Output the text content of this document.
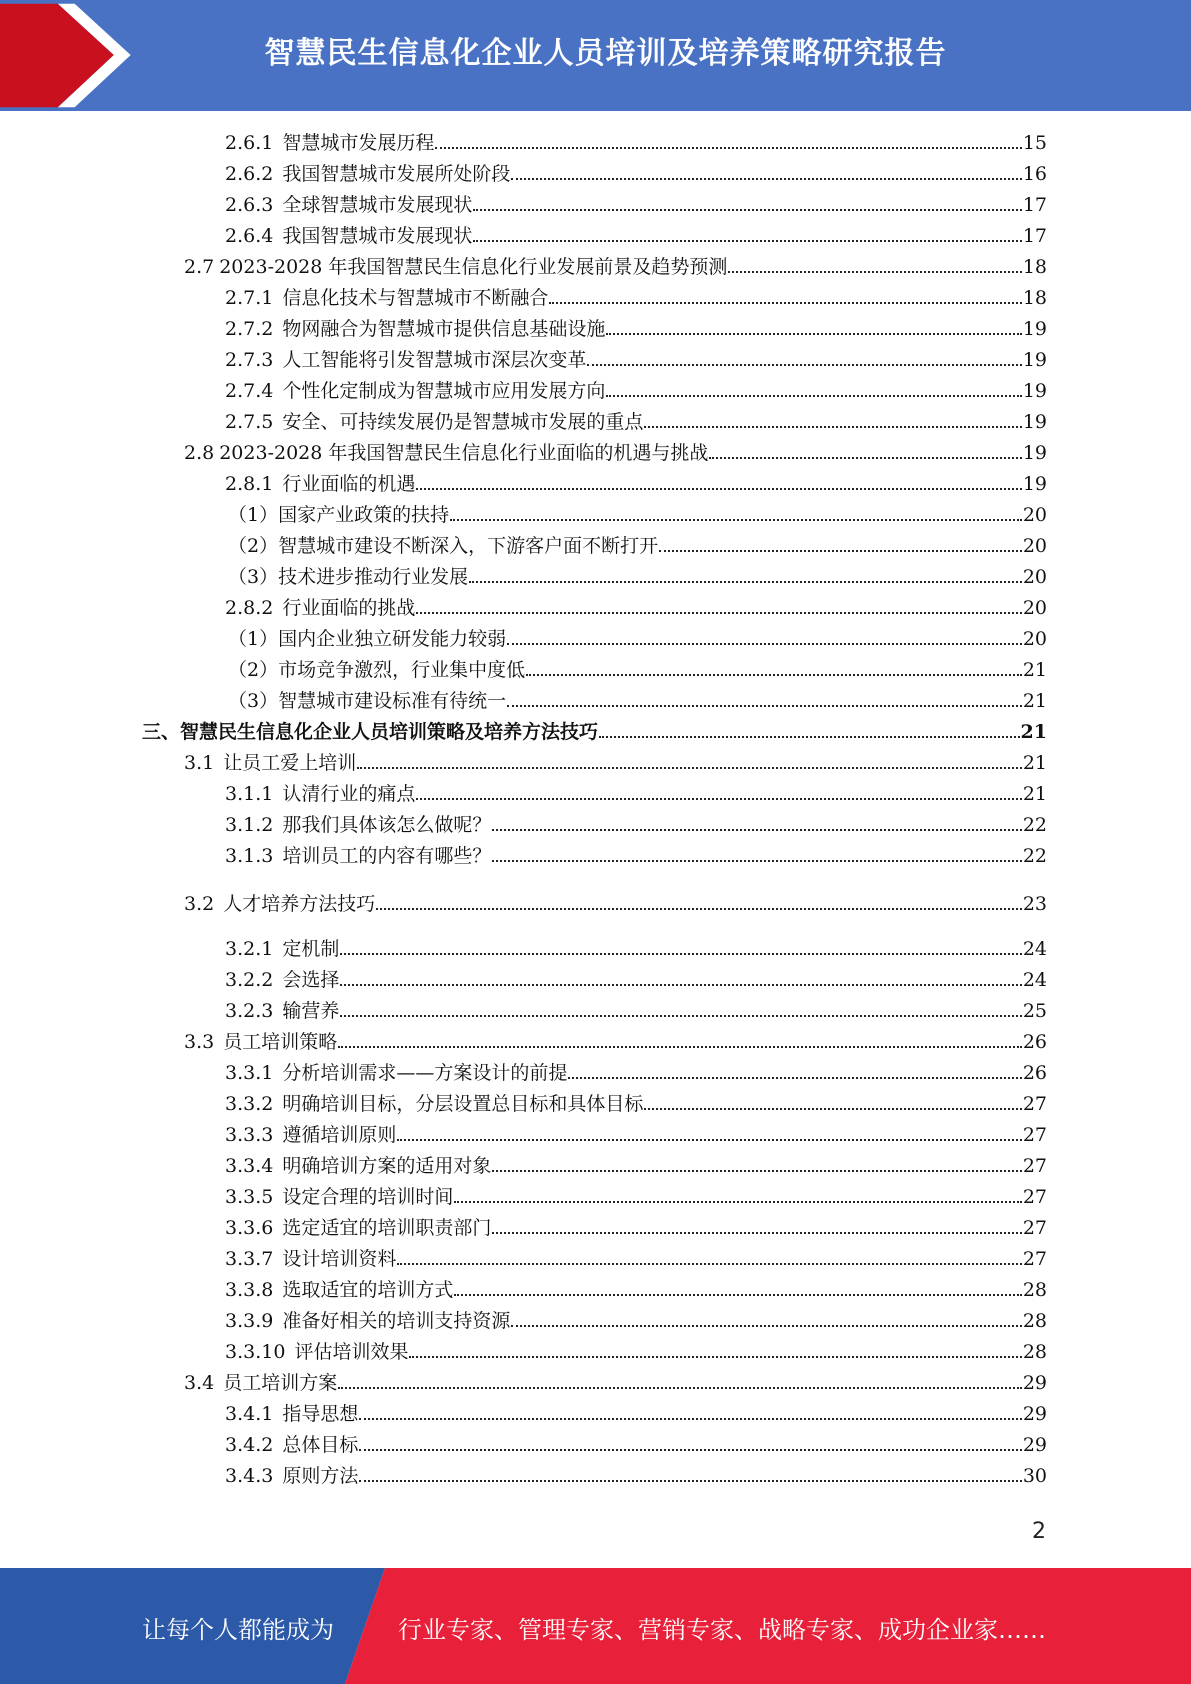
智慧民生信息化企业人员培训及培养策略研究报告
2.6.1 智慧城市发展历程	15
2.6.2 我国智慧城市发展所处阶段	16
2.6.3 全球智慧城市发展现状	17
2.6.4 我国智慧城市发展现状	17
2.7 2023-2028 年我国智慧民生信息化行业发展前景及趋势预测	18
2.7.1 信息化技术与智慧城市不断融合	18
2.7.2 物网融合为智慧城市提供信息基础设施	19
2.7.3 人工智能将引发智慧城市深层次变革	19
2.7.4 个性化定制成为智慧城市应用发展方向	19
2.7.5 安全、可持续发展仍是智慧城市发展的重点	19
2.8 2023-2028 年我国智慧民生信息化行业面临的机遇与挑战	19
2.8.1 行业面临的机遇	19
（1） 国家产业政策的扶持	20
（2） 智慧城市建设不断深入，下游客户面不断打开	20
（3） 技术进步推动行业发展	20
2.8.2 行业面临的挑战	20
（1） 国内企业独立研发能力较弱	20
（2） 市场竞争激烈，行业集中度低	21
（3） 智慧城市建设标准有待统一	21
三、 智慧民生信息化企业人员培训策略及培养方法技巧	21
3.1 让员工爱上培训	21
3.1.1 认清行业的痛点	21
3.1.2 那我们具体该怎么做呢？	22
3.1.3 培训员工的内容有哪些？	22
3.2 人才培养方法技巧	23
3.2.1 定机制	24
3.2.2 会选择	24
3.2.3 输营养	25
3.3 员工培训策略	26
3.3.1 分析培训需求——方案设计的前提	26
3.3.2 明确培训目标，分层设置总目标和具体目标	27
3.3.3 遵循培训原则	27
3.3.4 明确培训方案的适用对象	27
3.3.5 设定合理的培训时间	27
3.3.6 选定适宜的培训职责部门	27
3.3.7 设计培训资料	27
3.3.8 选取适宜的培训方式	28
3.3.9 准备好相关的培训支持资源	28
3.3.10 评估培训效果	28
3.4 员工培训方案	29
3.4.1 指导思想	29
3.4.2 总体目标	29
3.4.3 原则方法	30
2
让每个人都能成为	行业专家、管理专家、营销专家、战略专家、成功企业家……
